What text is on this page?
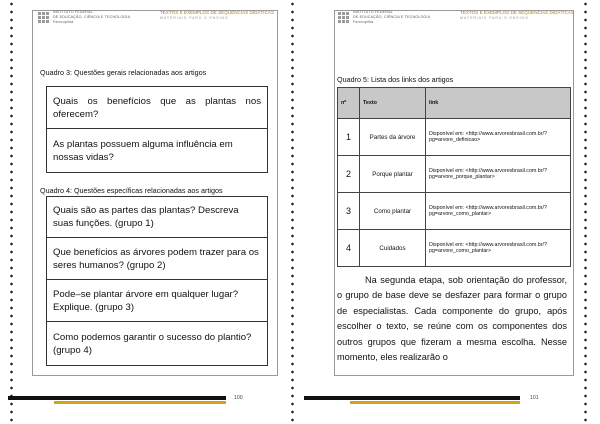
INSTITUTO FEDERAL
DE EDUCAÇÃO, CIÊNCIA E TECNOLOGIA
Farroupilha
TEXTOS E EXEMPLOS DE SEQUÊNCIAS DIDÁTICAS
MATERIAIS PARA O ENSINO
Quadro 3: Questões gerais relacionadas aos artigos
Quais os benefícios que as plantas nos oferecem?
As plantas possuem alguma influência em nossas vidas?
Quadro 4: Questões específicas relacionadas aos artigos
Quais são as partes das plantas? Descreva suas funções. (grupo 1)
Que benefícios as árvores podem trazer para os seres humanos? (grupo 2)
Pode–se plantar árvore em qualquer lugar? Explique. (grupo 3)
Como podemos garantir o sucesso do plantio? (grupo 4)
100
INSTITUTO FEDERAL
DE EDUCAÇÃO, CIÊNCIA E TECNOLOGIA
Farroupilha
TEXTOS E EXEMPLOS DE SEQUÊNCIAS DIDÁTICAS
MATERIAIS PARA O ENSINO
Quadro 5: Lista dos links dos artigos
nº	Texto	link
1	Partes da árvore	Disponível em: <http://www.arvoresbrasil.com.br/?pg=arvore_definicao>
2	Porque plantar	Disponível em: <http://www.arvoresbrasil.com.br/?pg=arvore_porque_plantar>
3	Como plantar	Disponível em: <http://www.arvoresbrasil.com.br/?pg=arvore_como_plantar>
4	Cuidados	Disponível em: <http://www.arvoresbrasil.com.br/?pg=arvore_como_plantar>
Na segunda etapa, sob orientação do professor, o grupo de base deve se desfazer para formar o grupo de especialistas. Cada componente do grupo, após escolher o texto, se reúne com os componentes dos outros grupos que fizeram a mesma escolha. Nesse momento, eles realizarão o
101
